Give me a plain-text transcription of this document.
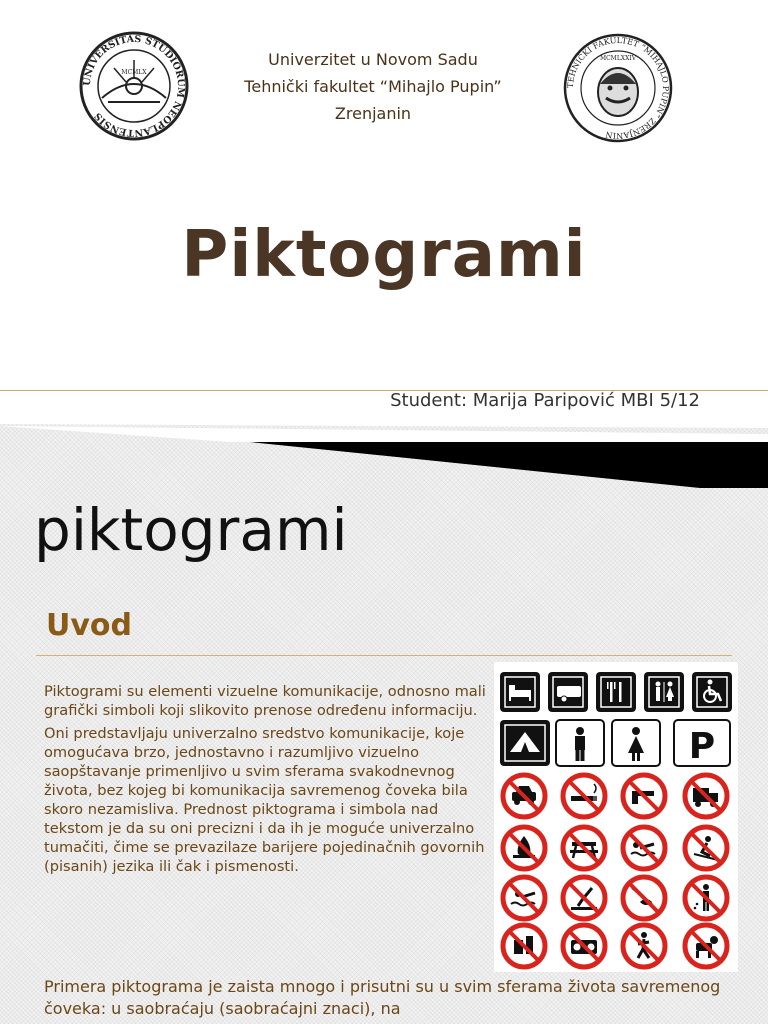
UNIVERSITAS STUDIORUM NEOPLANTENSIS
MCMLX
Univerzitet u Novom Sadu
Tehnički fakultet “Mihajlo Pupin”
Zrenjanin
TEHNIČKI FAKULTET “MIHAJLO PUPIN” ZRENJANIN
MCMLXXIV
Piktogrami
Student: Marija Paripović MBI 5/12
piktogrami
Uvod

Piktogrami su elementi vizuelne komunikacije, odnosno mali grafički simboli koji slikovito prenose određenu informaciju.

Oni predstavljaju univerzalno sredstvo komunikacije, koje omogućava brzo, jednostavno i razumljivo vizuelno saopštavanje primenljivo u svim sferama svakodnevnog života, bez kojeg bi komunikacija savremenog čoveka bila skoro nezamisliva. Prednost piktograma i simbola nad tekstom je da su oni precizni i da ih je moguće univerzalno tumačiti, čime se prevazilaze barijere pojedinačnih govornih (pisanih) jezika ili čak i pismenosti.

P
Primera piktograma je zaista mnogo i prisutni su u svim sferama života savremenog čoveka: u saobraćaju (saobraćajni znaci), na
